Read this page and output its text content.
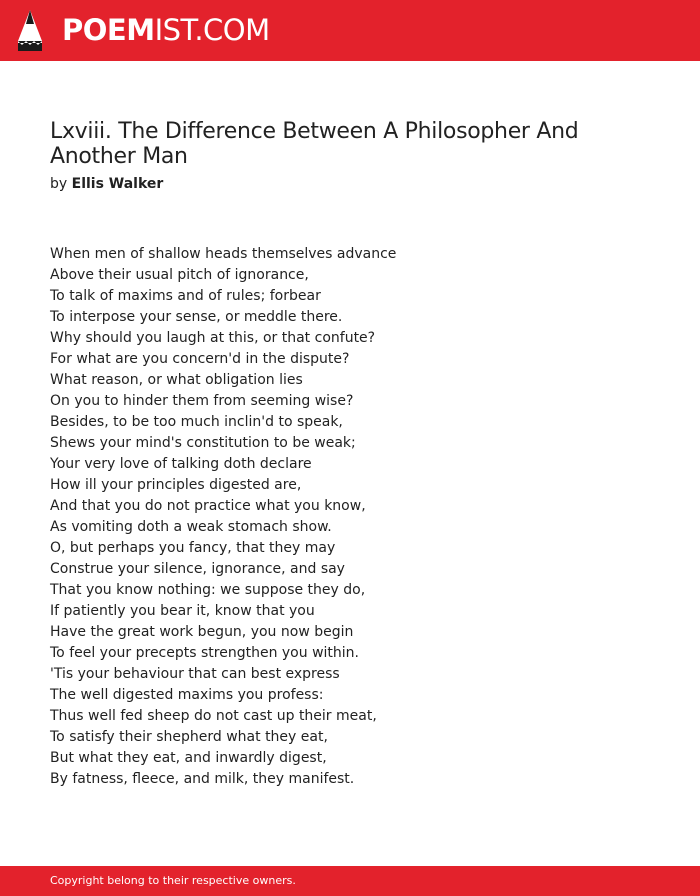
POEMIST.COM
Lxviii. The Difference Between A Philosopher And Another Man
by Ellis Walker
When men of shallow heads themselves advance
Above their usual pitch of ignorance,
To talk of maxims and of rules; forbear
To interpose your sense, or meddle there.
Why should you laugh at this, or that confute?
For what are you concern'd in the dispute?
What reason, or what obligation lies
On you to hinder them from seeming wise?
Besides, to be too much inclin'd to speak,
Shews your mind's constitution to be weak;
Your very love of talking doth declare
How ill your principles digested are,
And that you do not practice what you know,
As vomiting doth a weak stomach show.
O, but perhaps you fancy, that they may
Construe your silence, ignorance, and say
That you know nothing: we suppose they do,
If patiently you bear it, know that you
Have the great work begun, you now begin
To feel your precepts strengthen you within.
'Tis your behaviour that can best express
The well digested maxims you profess:
Thus well fed sheep do not cast up their meat,
To satisfy their shepherd what they eat,
But what they eat, and inwardly digest,
By fatness, fleece, and milk, they manifest.
Copyright belong to their respective owners.
